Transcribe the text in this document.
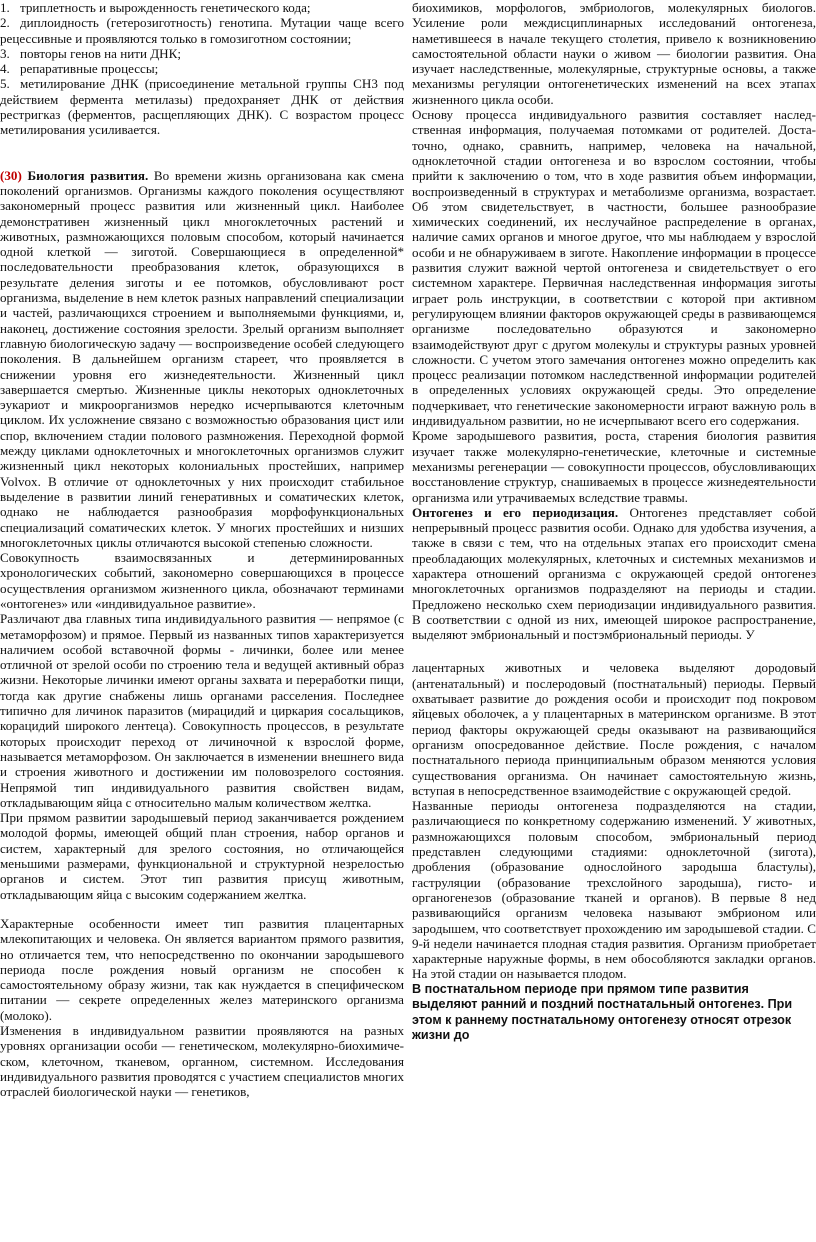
1. триплетность и вырожденность генетического кода;

2. диплоидность (гетерозиготность) генотипа. Мутации чаще всего рецессивные и проявляются только в гомозиготном состоянии;

3. повторы генов на нити ДНК;

4. репаративные процессы;

5. метилирование ДНК (присоединение метальной группы СН3 под действием фермента метилазы) предохраняет ДНК от действия рестригказ (ферментов, расщепляющих ДНК). С возрастом процесс метилирования усиливается.

(30) Биология развития. Во времени жизнь организована как смена поколений организмов. Организмы каждого поколения осуществляют закономерный процесс развития или жизненный цикл. Наиболее демонстративен жизненный цикл многоклеточных растений и животных, размножающихся половым способом, который начинается одной клеткой — зиготой. Совершающиеся в определенной* последовательности преобразования клеток, образующихся в результате деления зиготы и ее потомков, обусловливают рост организма, выделение в нем клеток разных направлений специализации и частей, различающихся строением и выполняемыми функциями, и, наконец, достижение состояния зрелости. Зрелый организм выполняет главную биологическую задачу — воспроизведение особей следующего поколения. В дальнейшем организм стареет, что проявляется в снижении уровня его жизнедеятельности. Жизненный цикл завершается смертью. Жизненные циклы некоторых одноклеточных эукариот и микроорганизмов нередко исчерпываются клеточным циклом. Их усложнение связано с возможностью образования цист или спор, включением стадии полового размножения. Переходной формой между циклами одноклеточных и многоклеточных организмов служит жизненный цикл некоторых колониальных простейших, например Volvox. В отличие от одноклеточных у них происходит стабильное выделение в развитии линий генеративных и соматических клеток, однако не наблюдается разнообразия морфофункциональных специализаций соматических клеток. У многих простейших и низших многоклеточных циклы отличаются высокой степенью сложности.

Совокупность взаимосвязанных и детерминированных хронологических событий, закономерно совершающихся в процессе осуществления организмом жизненного цикла, обозначают терминами «онтогенез» или «индивидуальное развитие».

Различают два главных типа индивидуального развития — непрямое (с метаморфозом) и прямое. Первый из названных типов характеризуется наличием особой вставочной формы - личинки, более или менее отличной от зрелой особи по строению тела и ведущей активный образ жизни. Некоторые личинки имеют органы захвата и переработки пищи, тогда как другие снабжены лишь органами расселения. Последнее типично для личинок паразитов (мирацидий и циркария сосальщиков, корацидий широкого лентеца). Совокупность процессов, в результате которых происходит переход от личиночной к взрослой форме, называется метаморфозом. Он заключается в изменении внешнего вида и строения животного и достижении им половозрелого состояния. Непрямой тип индивидуального развития свойствен видам, откладывающим яйца с относительно малым количеством желтка.

При прямом развитии зародышевый период заканчивается рождением молодой формы, имеющей общий план строения, набор органов и систем, характерный для зрелого состояния, но отличающейся меньшими размерами, функциональной и структурной незрелостью органов и систем. Этот тип развития присущ животным, откладывающим яйца с высоким содержанием желтка.

Характерные особенности имеет тип развития плацентарных млекопитающих и человека. Он является вариантом прямого развития, но отличается тем, что непосредственно по окончании зародышевого периода после рождения новый организм не способен к самостоятельному образу жизни, так как нуждается в специфическом питании — секрете определенных желез материнского организма (молоко).

Изменения в индивидуальном развитии проявляются на разных уровнях организации особи — генетическом, молекулярно-биохимиче-ском, клеточном, тканевом, органном, системном. Исследования индивидуального развития проводятся с участием специалистов многих отраслей биологической науки — генетиков,

биохимиков, морфологов, эмбриологов, молекулярных биологов. Усиление роли междисциплинарных исследований онтогенеза, наметившееся в начале текущего столетия, привело к возникновению самостоятельной области науки о живом — биологии развития. Она изучает наследственные, молекулярные, структурные основы, а также механизмы регуляции онтогенетических изменений на всех этапах жизненного цикла особи.

Основу процесса индивидуального развития составляет наслед-ственная информация, получаемая потомками от родителей. Доста-точно, однако, сравнить, например, человека на начальной, одноклеточной стадии онтогенеза и во взрослом состоянии, чтобы прийти к заключению о том, что в ходе развития объем информации, воспроизведенный в структурах и метаболизме организма, возрастает. Об этом свидетельствует, в частности, большее разнообразие химических соединений, их неслучайное распределение в органах, наличие самих органов и многое другое, что мы наблюдаем у взрослой особи и не обнаруживаем в зиготе. Накопление информации в процессе развития служит важной чертой онтогенеза и свидетельствует о его системном характере. Первичная наследственная информация зиготы играет роль инструкции, в соответствии с которой при активном регулирующем влиянии факторов окружающей среды в развивающемся организме последовательно образуются и закономерно взаимодействуют друг с другом молекулы и структуры разных уровней сложности. С учетом этого замечания онтогенез можно определить как процесс реализации потомком наследственной информации родителей в определенных условиях окружающей среды. Это определение подчеркивает, что генетические закономерности играют важную роль в индивидуальном развитии, но не исчерпывают всего его содержания.

Кроме зародышевого развития, роста, старения биология развития изучает также молекулярно-генетические, клеточные и системные механизмы регенерации — совокупности процессов, обусловливающих восстановление структур, снашиваемых в процессе жизнедеятельности организма или утрачиваемых вследствие травмы.

Онтогенез и его периодизация. Онтогенез представляет собой непрерывный процесс развития особи. Однако для удобства изучения, а также в связи с тем, что на отдельных этапах его происходит смена преобладающих молекулярных, клеточных и системных механизмов и характера отношений организма с окружающей средой онтогенез многоклеточных организмов подразделяют на периоды и стадии. Предложено несколько схем периодизации индивидуального развития. В соответствии с одной из них, имеющей широкое распространение, выделяют эмбриональный и постэмбриональный периоды. У

лацентарных животных и человека выделяют дородовый (антенатальный) и послеродовый (постнатальный) периоды. Первый охватывает развитие до рождения особи и происходит под покровом яйцевых оболочек, а у плацентарных в материнском организме. В этот период факторы окружающей среды оказывают на развивающийся организм опосредованное действие. После рождения, с началом постнатального периода принципиальным образом меняются условия существования организма. Он начинает самостоятельную жизнь, вступая в непосредственное взаимодействие с окружающей средой.

Названные периоды онтогенеза подразделяются на стадии, различающиеся по конкретному содержанию изменений. У животных, размножающихся половым способом, эмбриональный период представлен следующими стадиями: одноклеточной (зигота), дробления (образование однослойного зародыша бластулы), гаструляции (образование трехслойного зародыша), гисто- и органогенезов (образование тканей и органов). В первые 8 нед развивающийся организм человека называют эмбрионом или зародышем, что соответствует прохождению им зародышевой стадии. С 9-й недели начинается плодная стадия развития. Организм приобретает характерные наружные формы, в нем обособляются закладки органов. На этой стадии он называется плодом.

В постнатальном периоде при прямом типе развития выделяют ранний и поздний постнатальный онтогенез. При этом к раннему постнатальному онтогенезу относят отрезок жизни до
